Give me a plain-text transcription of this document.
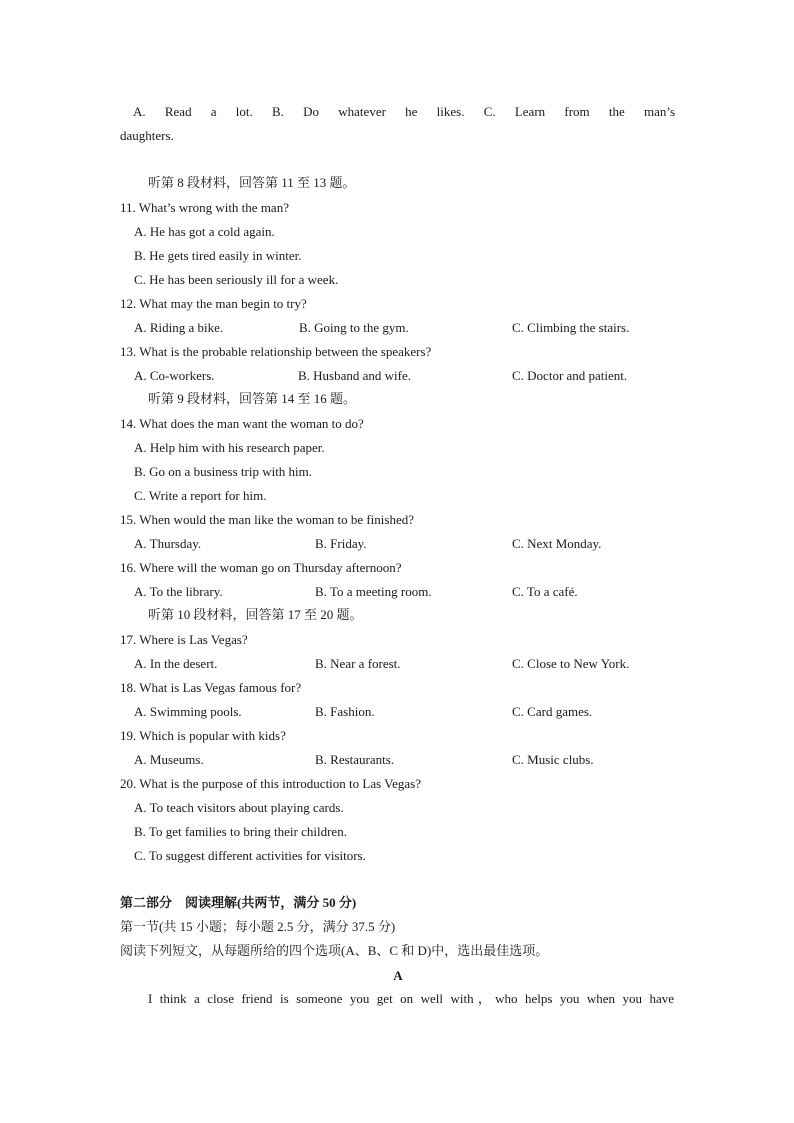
A. Read a lot. B. Do whatever he likes. C. Learn from the man’s
daughters.
听第 8 段材料，回答第 11 至 13 题。
11. What’s wrong with the man?
A. He has got a cold again.
B. He gets tired easily in winter.
C. He has been seriously ill for a week.
12. What may the man begin to try?
A. Riding a bike.	B. Going to the gym.	C. Climbing the stairs.
13. What is the probable relationship between the speakers?
A. Co-workers.	B. Husband and wife.	C. Doctor and patient.
听第 9 段材料，回答第 14 至 16 题。
14. What does the man want the woman to do?
A. Help him with his research paper.
B. Go on a business trip with him.
C. Write a report for him.
15. When would the man like the woman to be finished?
A. Thursday.	B. Friday.	C. Next Monday.
16. Where will the woman go on Thursday afternoon?
A. To the library.	B. To a meeting room.	C. To a café.
听第 10 段材料，回答第 17 至 20 题。
17. Where is Las Vegas?
A. In the desert.	B. Near a forest.	C. Close to New York.
18. What is Las Vegas famous for?
A. Swimming pools.	B. Fashion.	C. Card games.
19. Which is popular with kids?
A. Museums.	B. Restaurants.	C. Music clubs.
20. What is the purpose of this introduction to Las Vegas?
A. To teach visitors about playing cards.
B. To get families to bring their children.
C. To suggest different activities for visitors.
第二部分　阅读理解(共两节，满分 50 分)
第一节(共 15 小题；每小题 2.5 分，满分 37.5 分)
阅读下列短文，从每题所给的四个选项(A、B、C 和 D)中，选出最佳选项。
A
I think a close friend is someone you get on well with，who helps you when you have
